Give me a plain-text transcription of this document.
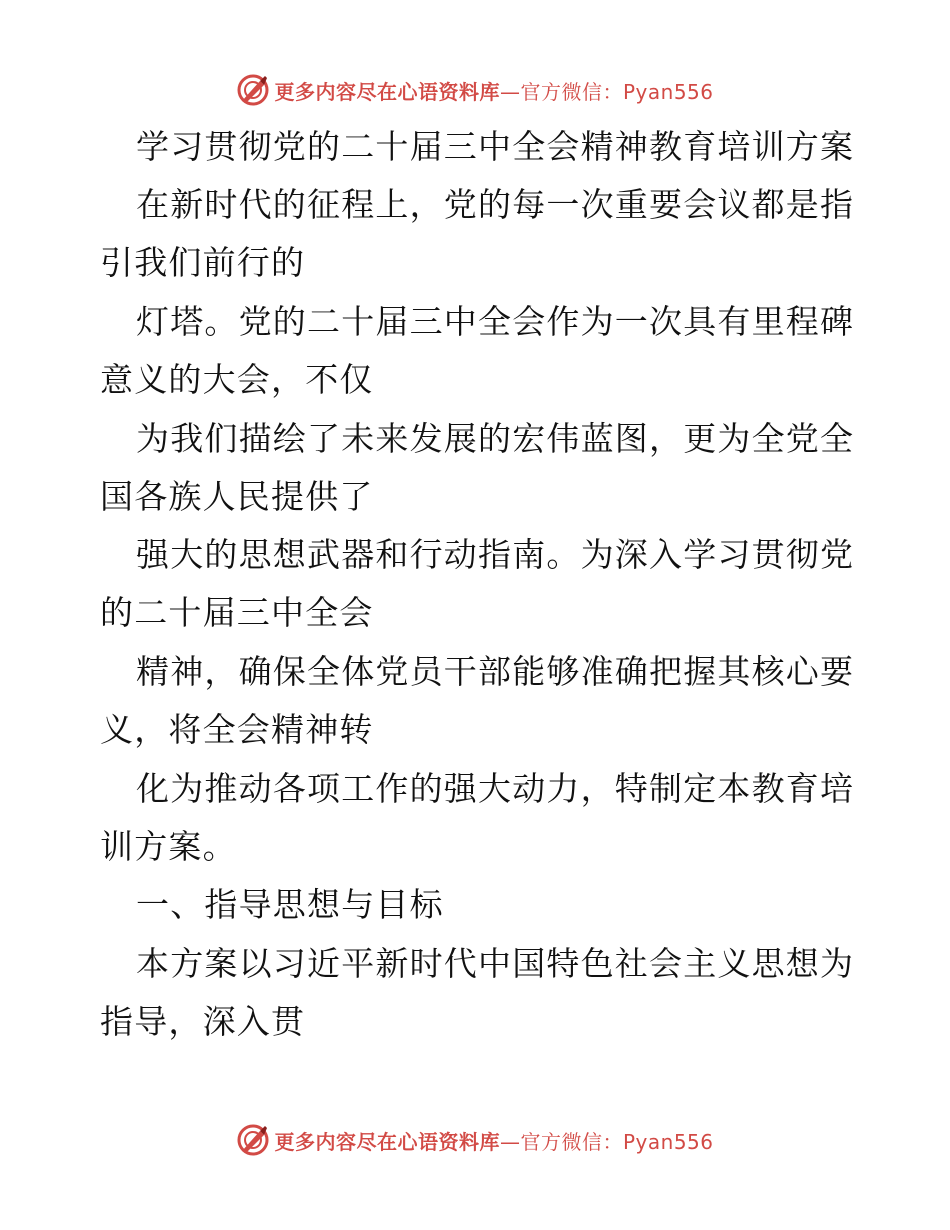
更多内容尽在心语资料库—官方微信：Pyan556
学习贯彻党的二十届三中全会精神教育培训方案
在新时代的征程上，党的每一次重要会议都是指
引我们前行的
灯塔。党的二十届三中全会作为一次具有里程碑
意义的大会，不仅
为我们描绘了未来发展的宏伟蓝图，更为全党全
国各族人民提供了
强大的思想武器和行动指南。为深入学习贯彻党
的二十届三中全会
精神，确保全体党员干部能够准确把握其核心要
义，将全会精神转
化为推动各项工作的强大动力，特制定本教育培
训方案。
一、指导思想与目标
本方案以习近平新时代中国特色社会主义思想为
指导，深入贯
更多内容尽在心语资料库—官方微信：Pyan556
